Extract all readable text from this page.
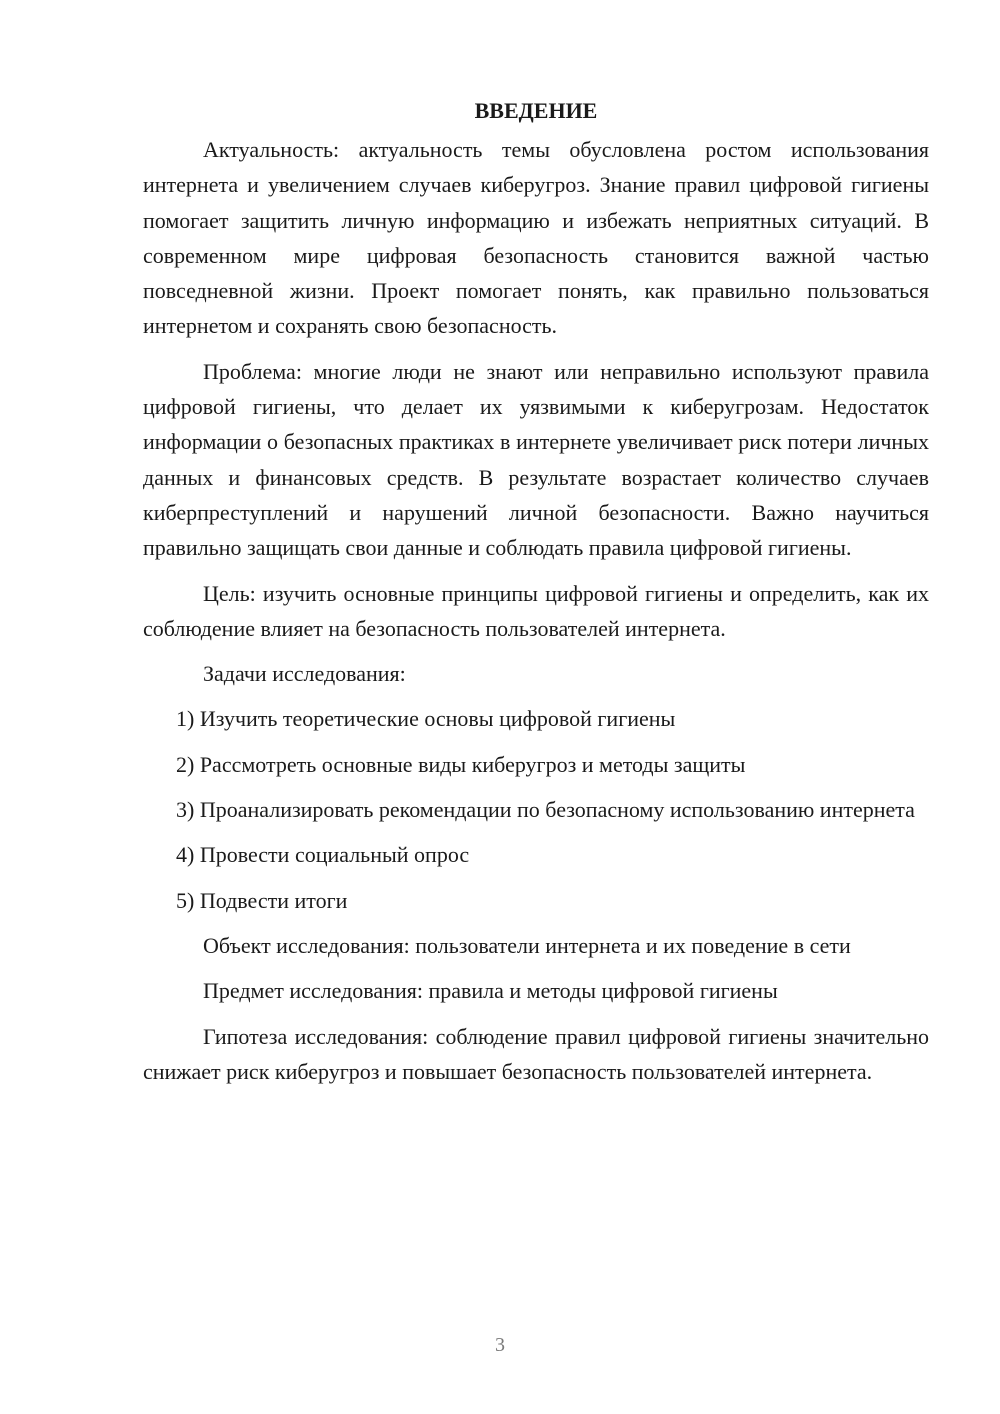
ВВЕДЕНИЕ

Актуальность: актуальность темы обусловлена ростом использования интернета и увеличением случаев киберугроз. Знание правил цифровой гигиены помогает защитить личную информацию и избежать неприятных ситуаций. В современном мире цифровая безопасность становится важной частью повседневной жизни. Проект помогает понять, как правильно пользоваться интернетом и сохранять свою безопасность.

Проблема: многие люди не знают или неправильно используют правила цифровой гигиены, что делает их уязвимыми к киберугрозам. Недостаток информации о безопасных практиках в интернете увеличивает риск потери личных данных и финансовых средств. В результате возрастает количество случаев киберпреступлений и нарушений личной безопасности. Важно научиться правильно защищать свои данные и соблюдать правила цифровой гигиены.

Цель: изучить основные принципы цифровой гигиены и определить, как их соблюдение влияет на безопасность пользователей интернета.

Задачи исследования:

1) Изучить теоретические основы цифровой гигиены

2) Рассмотреть основные виды киберугроз и методы защиты

3) Проанализировать рекомендации по безопасному использованию интернета

4) Провести социальный опрос

5) Подвести итоги

Объект исследования: пользователи интернета и их поведение в сети

Предмет исследования: правила и методы цифровой гигиены

Гипотеза исследования: соблюдение правил цифровой гигиены значительно снижает риск киберугроз и повышает безопасность пользователей интернета.

3
